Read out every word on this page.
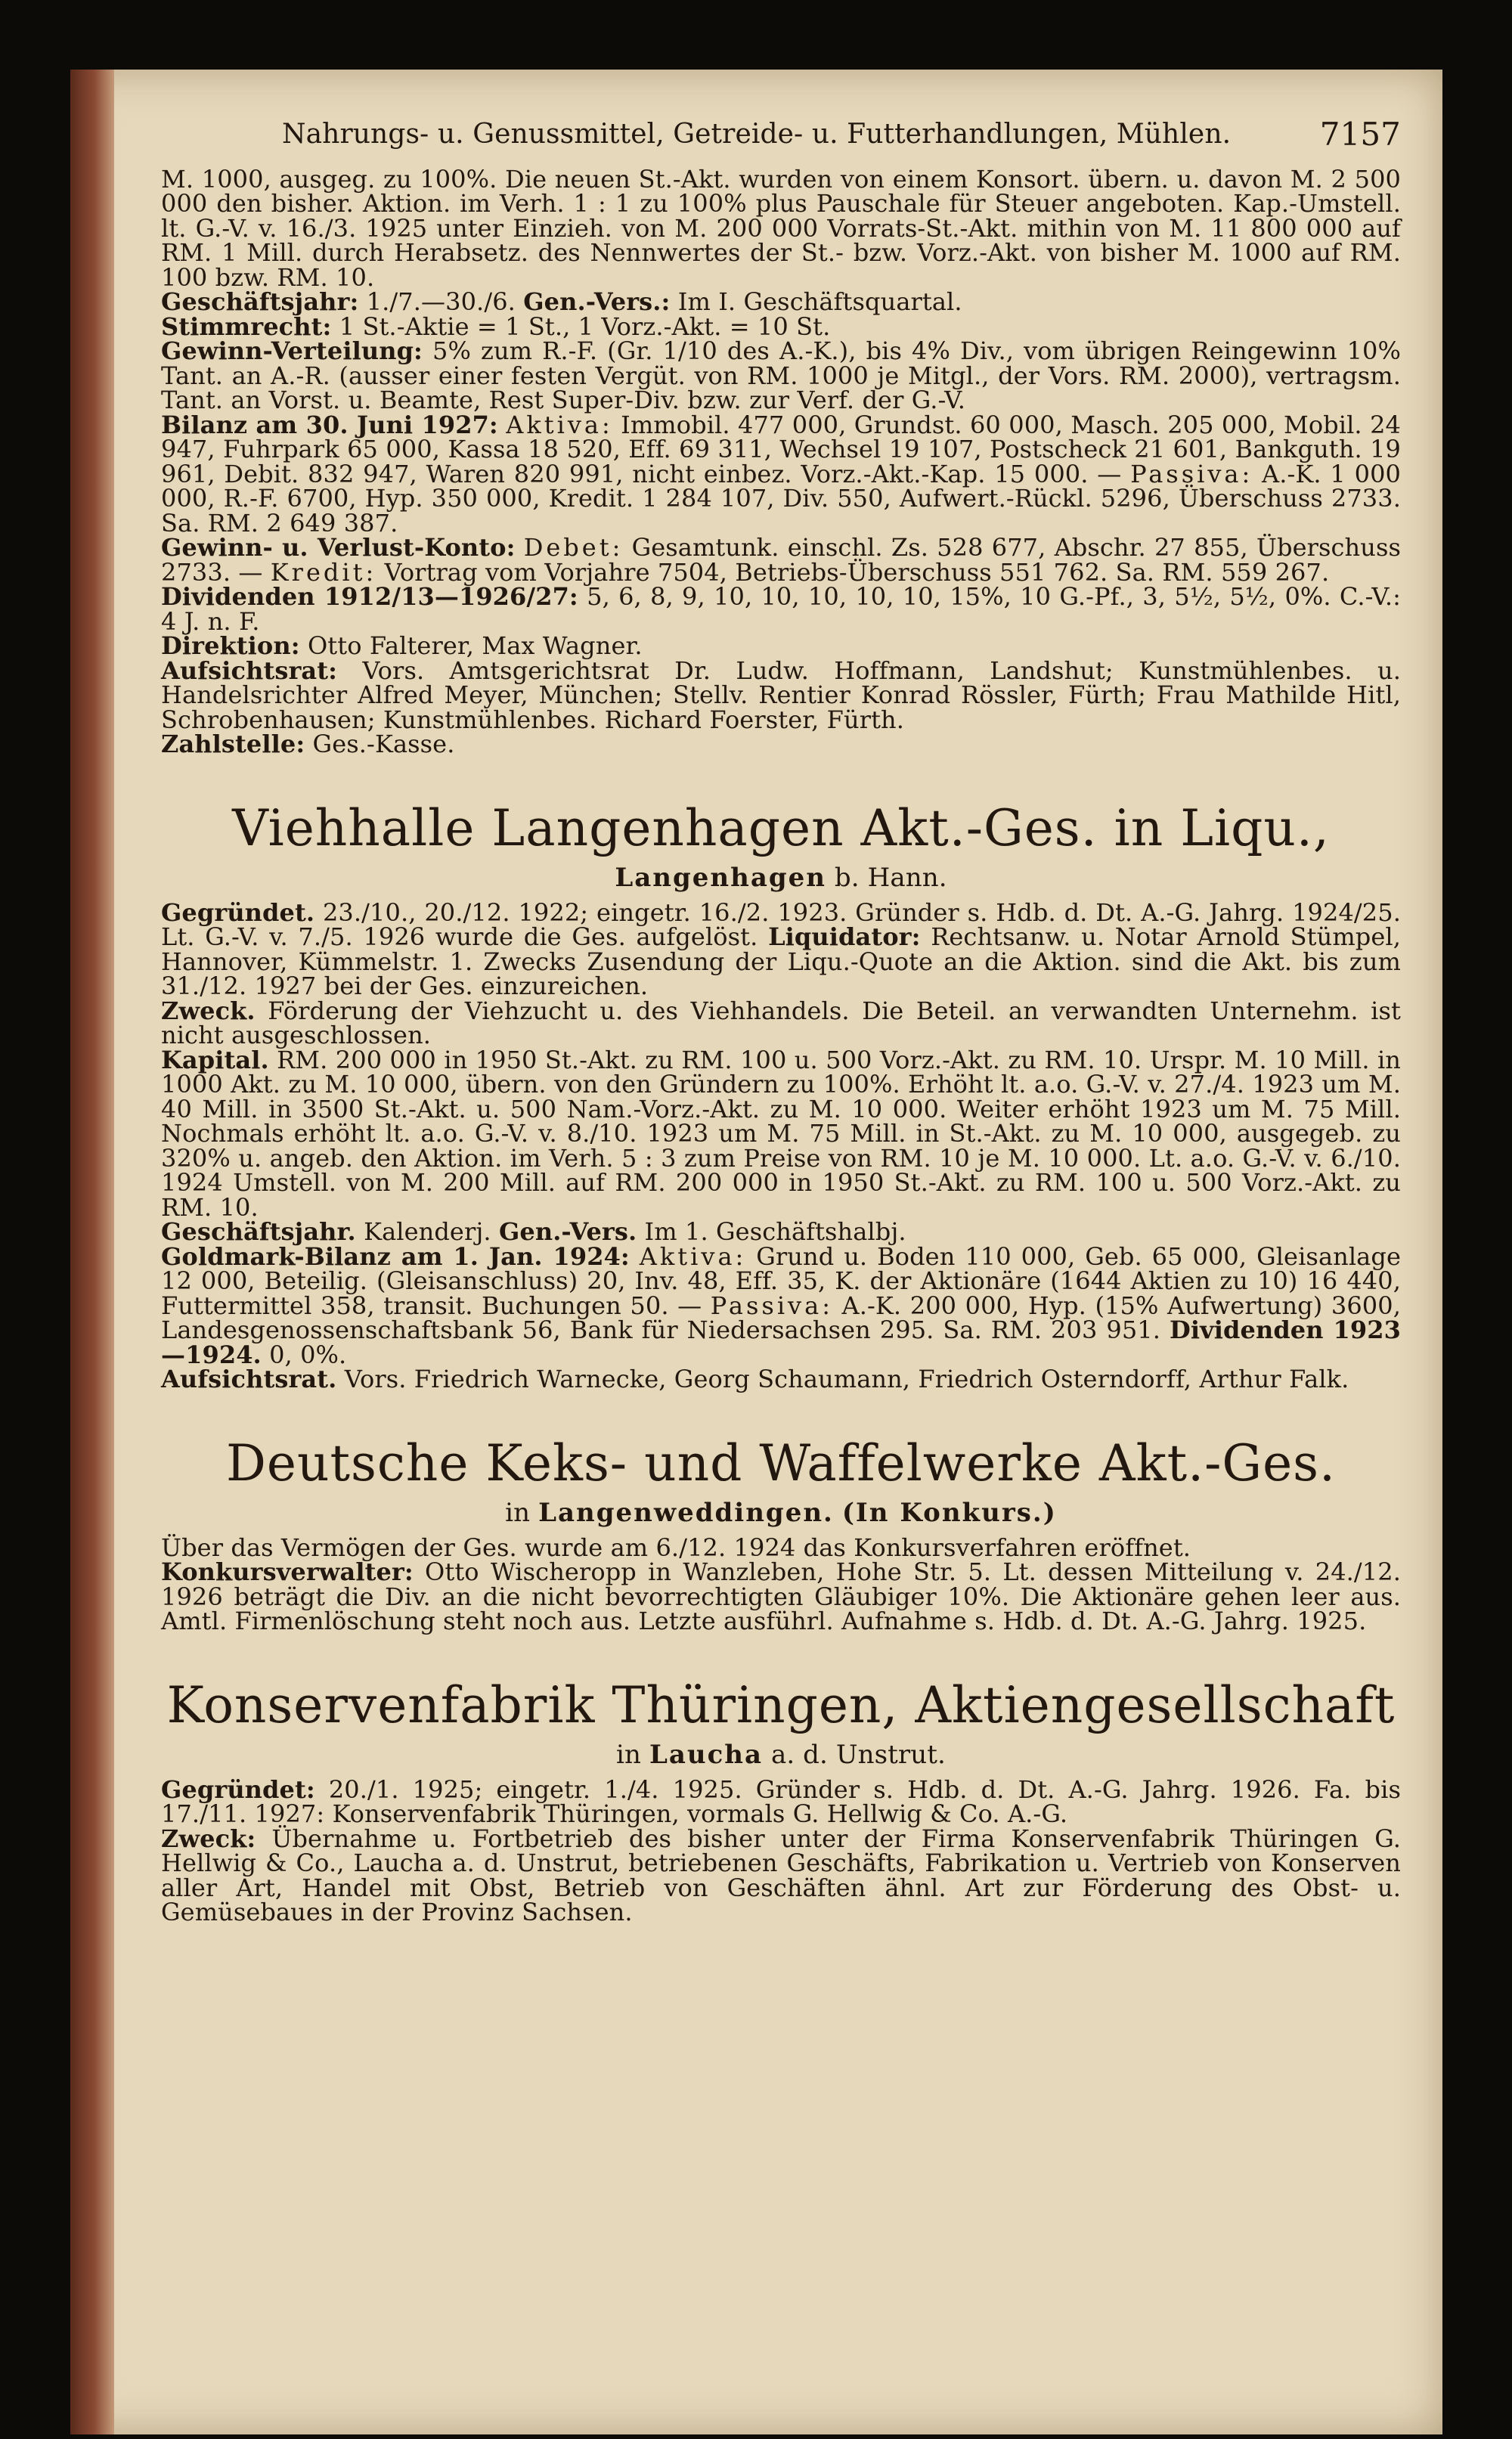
Nahrungs- u. Genussmittel, Getreide- u. Futterhandlungen, Mühlen.	7157

M. 1000, ausgeg. zu 100%. Die neuen St.-Akt. wurden von einem Konsort. übern. u. davon M. 2 500 000 den bisher. Aktion. im Verh. 1 : 1 zu 100% plus Pauschale für Steuer angeboten. Kap.-Umstell. lt. G.-V. v. 16./3. 1925 unter Einzieh. von M. 200 000 Vorrats-St.-Akt. mithin von M. 11 800 000 auf RM. 1 Mill. durch Herabsetz. des Nennwertes der St.- bzw. Vorz.-Akt. von bisher M. 1000 auf RM. 100 bzw. RM. 10.

Geschäftsjahr: 1./7.—30./6. Gen.-Vers.: Im I. Geschäftsquartal.

Stimmrecht: 1 St.-Aktie = 1 St., 1 Vorz.-Akt. = 10 St.

Gewinn-Verteilung: 5% zum R.-F. (Gr. 1/10 des A.-K.), bis 4% Div., vom übrigen Reingewinn 10% Tant. an A.-R. (ausser einer festen Vergüt. von RM. 1000 je Mitgl., der Vors. RM. 2000), vertragsm. Tant. an Vorst. u. Beamte, Rest Super-Div. bzw. zur Verf. der G.-V.

Bilanz am 30. Juni 1927: Aktiva: Immobil. 477 000, Grundst. 60 000, Masch. 205 000, Mobil. 24 947, Fuhrpark 65 000, Kassa 18 520, Eff. 69 311, Wechsel 19 107, Postscheck 21 601, Bankguth. 19 961, Debit. 832 947, Waren 820 991, nicht einbez. Vorz.-Akt.-Kap. 15 000. — Passiva: A.-K. 1 000 000, R.-F. 6700, Hyp. 350 000, Kredit. 1 284 107, Div. 550, Aufwert.-Rückl. 5296, Überschuss 2733. Sa. RM. 2 649 387.

Gewinn- u. Verlust-Konto: Debet: Gesamtunk. einschl. Zs. 528 677, Abschr. 27 855, Überschuss 2733. — Kredit: Vortrag vom Vorjahre 7504, Betriebs-Überschuss 551 762. Sa. RM. 559 267.

Dividenden 1912/13—1926/27: 5, 6, 8, 9, 10, 10, 10, 10, 10, 15%, 10 G.-Pf., 3, 5½, 5½, 0%. C.-V.: 4 J. n. F.

Direktion: Otto Falterer, Max Wagner.

Aufsichtsrat: Vors. Amtsgerichtsrat Dr. Ludw. Hoffmann, Landshut; Kunstmühlenbes. u. Handelsrichter Alfred Meyer, München; Stellv. Rentier Konrad Rössler, Fürth; Frau Mathilde Hitl, Schrobenhausen; Kunstmühlenbes. Richard Foerster, Fürth.

Zahlstelle: Ges.-Kasse.

Viehhalle Langenhagen Akt.-Ges. in Liqu.,
Langenhagen b. Hann.

Gegründet. 23./10., 20./12. 1922; eingetr. 16./2. 1923. Gründer s. Hdb. d. Dt. A.-G. Jahrg. 1924/25. Lt. G.-V. v. 7./5. 1926 wurde die Ges. aufgelöst. Liquidator: Rechtsanw. u. Notar Arnold Stümpel, Hannover, Kümmelstr. 1. Zwecks Zusendung der Liqu.-Quote an die Aktion. sind die Akt. bis zum 31./12. 1927 bei der Ges. einzureichen.

Zweck. Förderung der Viehzucht u. des Viehhandels. Die Beteil. an verwandten Unternehm. ist nicht ausgeschlossen.

Kapital. RM. 200 000 in 1950 St.-Akt. zu RM. 100 u. 500 Vorz.-Akt. zu RM. 10. Urspr. M. 10 Mill. in 1000 Akt. zu M. 10 000, übern. von den Gründern zu 100%. Erhöht lt. a.o. G.-V. v. 27./4. 1923 um M. 40 Mill. in 3500 St.-Akt. u. 500 Nam.-Vorz.-Akt. zu M. 10 000. Weiter erhöht 1923 um M. 75 Mill. Nochmals erhöht lt. a.o. G.-V. v. 8./10. 1923 um M. 75 Mill. in St.-Akt. zu M. 10 000, ausgegeb. zu 320% u. angeb. den Aktion. im Verh. 5 : 3 zum Preise von RM. 10 je M. 10 000. Lt. a.o. G.-V. v. 6./10. 1924 Umstell. von M. 200 Mill. auf RM. 200 000 in 1950 St.-Akt. zu RM. 100 u. 500 Vorz.-Akt. zu RM. 10.

Geschäftsjahr. Kalenderj. Gen.-Vers. Im 1. Geschäftshalbj.

Goldmark-Bilanz am 1. Jan. 1924: Aktiva: Grund u. Boden 110 000, Geb. 65 000, Gleisanlage 12 000, Beteilig. (Gleisanschluss) 20, Inv. 48, Eff. 35, K. der Aktionäre (1644 Aktien zu 10) 16 440, Futtermittel 358, transit. Buchungen 50. — Passiva: A.-K. 200 000, Hyp. (15% Aufwertung) 3600, Landesgenossenschaftsbank 56, Bank für Niedersachsen 295. Sa. RM. 203 951. Dividenden 1923—1924. 0, 0%.

Aufsichtsrat. Vors. Friedrich Warnecke, Georg Schaumann, Friedrich Osterndorff, Arthur Falk.

Deutsche Keks- und Waffelwerke Akt.-Ges.
in Langenweddingen. (In Konkurs.)

Über das Vermögen der Ges. wurde am 6./12. 1924 das Konkursverfahren eröffnet.

Konkursverwalter: Otto Wischeropp in Wanzleben, Hohe Str. 5. Lt. dessen Mitteilung v. 24./12. 1926 beträgt die Div. an die nicht bevorrechtigten Gläubiger 10%. Die Aktionäre gehen leer aus. Amtl. Firmenlöschung steht noch aus. Letzte ausführl. Aufnahme s. Hdb. d. Dt. A.-G. Jahrg. 1925.

Konservenfabrik Thüringen, Aktiengesellschaft
in Laucha a. d. Unstrut.

Gegründet: 20./1. 1925; eingetr. 1./4. 1925. Gründer s. Hdb. d. Dt. A.-G. Jahrg. 1926. Fa. bis 17./11. 1927: Konservenfabrik Thüringen, vormals G. Hellwig & Co. A.-G.

Zweck: Übernahme u. Fortbetrieb des bisher unter der Firma Konservenfabrik Thüringen G. Hellwig & Co., Laucha a. d. Unstrut, betriebenen Geschäfts, Fabrikation u. Vertrieb von Konserven aller Art, Handel mit Obst, Betrieb von Geschäften ähnl. Art zur Förderung des Obst- u. Gemüsebaues in der Provinz Sachsen.
